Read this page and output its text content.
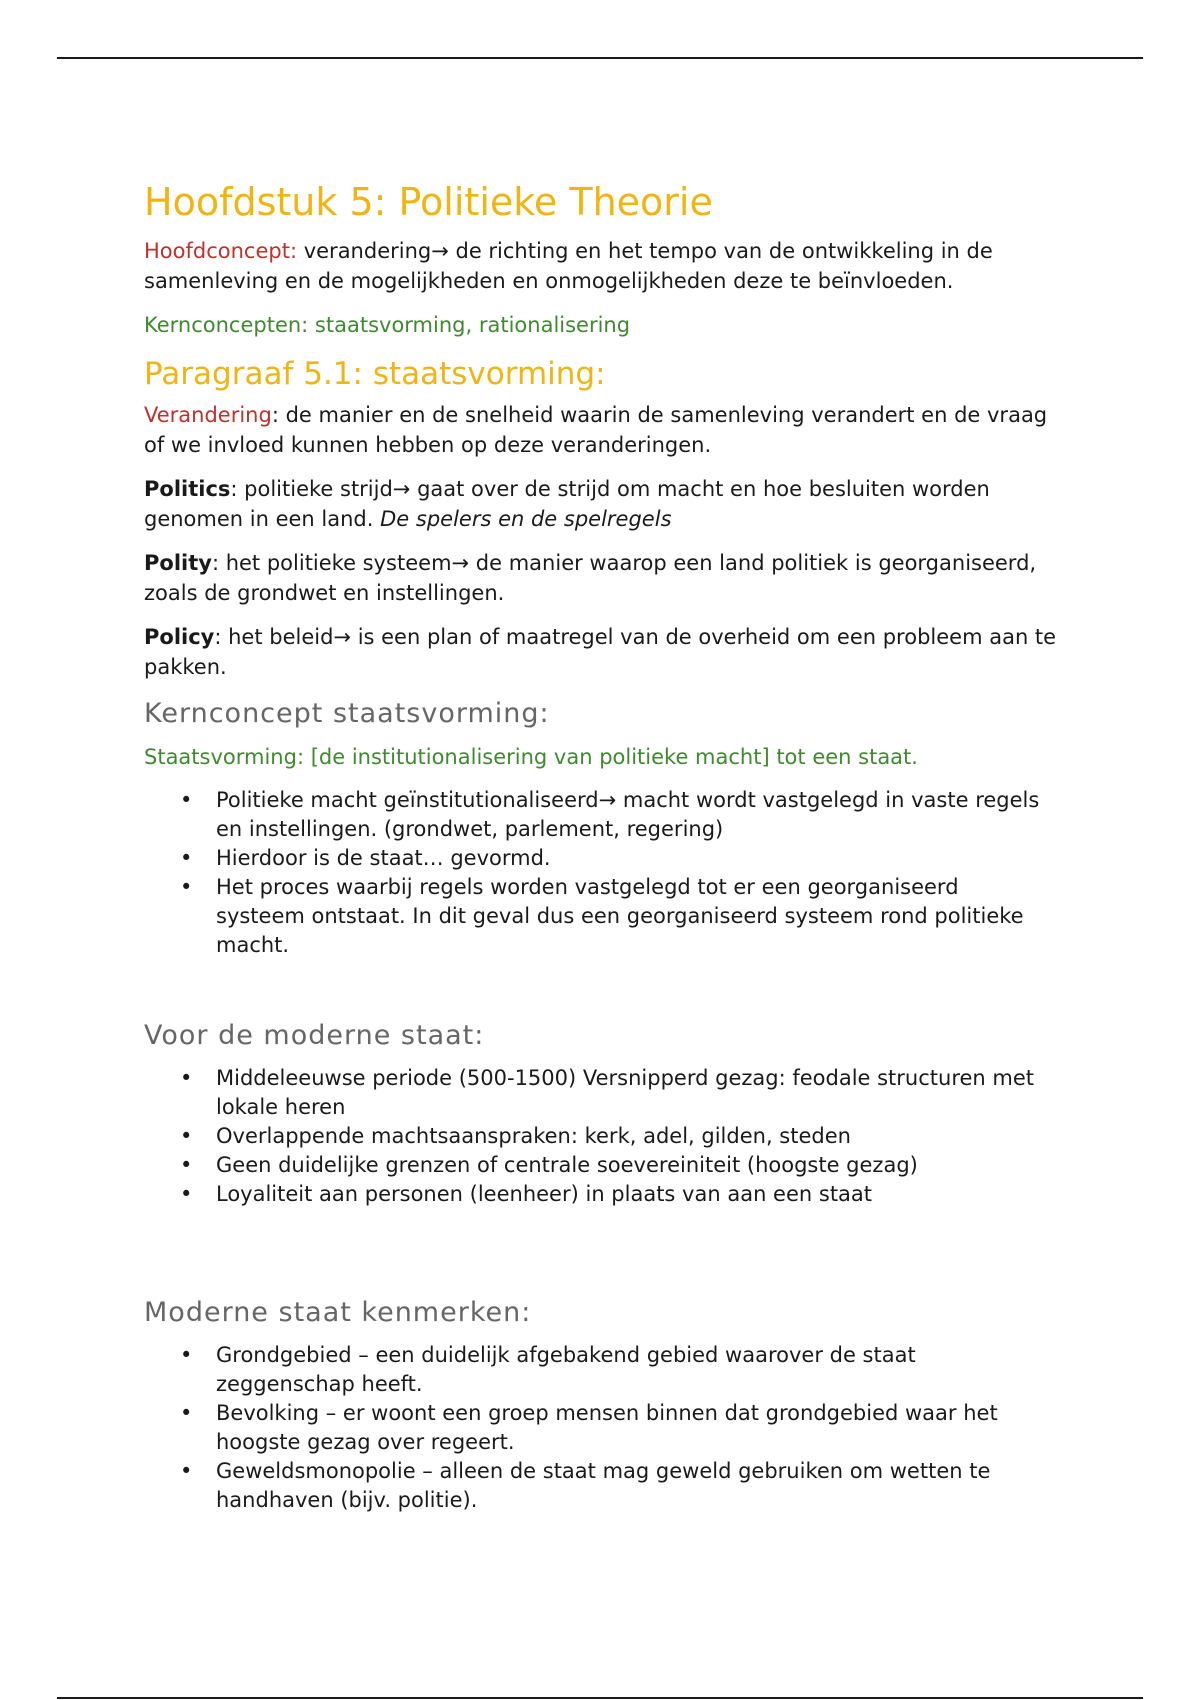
Hoofdstuk 5: Politieke Theorie

Hoofdconcept: verandering→ de richting en het tempo van de ontwikkeling in de samenleving en de mogelijkheden en onmogelijkheden deze te beïnvloeden.

Kernconcepten: staatsvorming, rationalisering

Paragraaf 5.1: staatsvorming:

Verandering: de manier en de snelheid waarin de samenleving verandert en de vraag of we invloed kunnen hebben op deze veranderingen.

Politics: politieke strijd→ gaat over de strijd om macht en hoe besluiten worden genomen in een land. De spelers en de spelregels

Polity: het politieke systeem→ de manier waarop een land politiek is georganiseerd, zoals de grondwet en instellingen.

Policy: het beleid→ is een plan of maatregel van de overheid om een probleem aan te pakken.

Kernconcept staatsvorming:

Staatsvorming: [de institutionalisering van politieke macht] tot een staat.

• Politieke macht geïnstitutionaliseerd→ macht wordt vastgelegd in vaste regels en instellingen. (grondwet, parlement, regering)
• Hierdoor is de staat… gevormd.
• Het proces waarbij regels worden vastgelegd tot er een georganiseerd systeem ontstaat. In dit geval dus een georganiseerd systeem rond politieke macht.
Voor de moderne staat:
• Middeleeuwse periode (500-1500) Versnipperd gezag: feodale structuren met lokale heren
• Overlappende machtsaanspraken: kerk, adel, gilden, steden
• Geen duidelijke grenzen of centrale soevereiniteit (hoogste gezag)
• Loyaliteit aan personen (leenheer) in plaats van aan een staat
Moderne staat kenmerken:
• Grondgebied – een duidelijk afgebakend gebied waarover de staat zeggenschap heeft.
• Bevolking – er woont een groep mensen binnen dat grondgebied waar het hoogste gezag over regeert.
• Geweldsmonopolie – alleen de staat mag geweld gebruiken om wetten te handhaven (bijv. politie).
